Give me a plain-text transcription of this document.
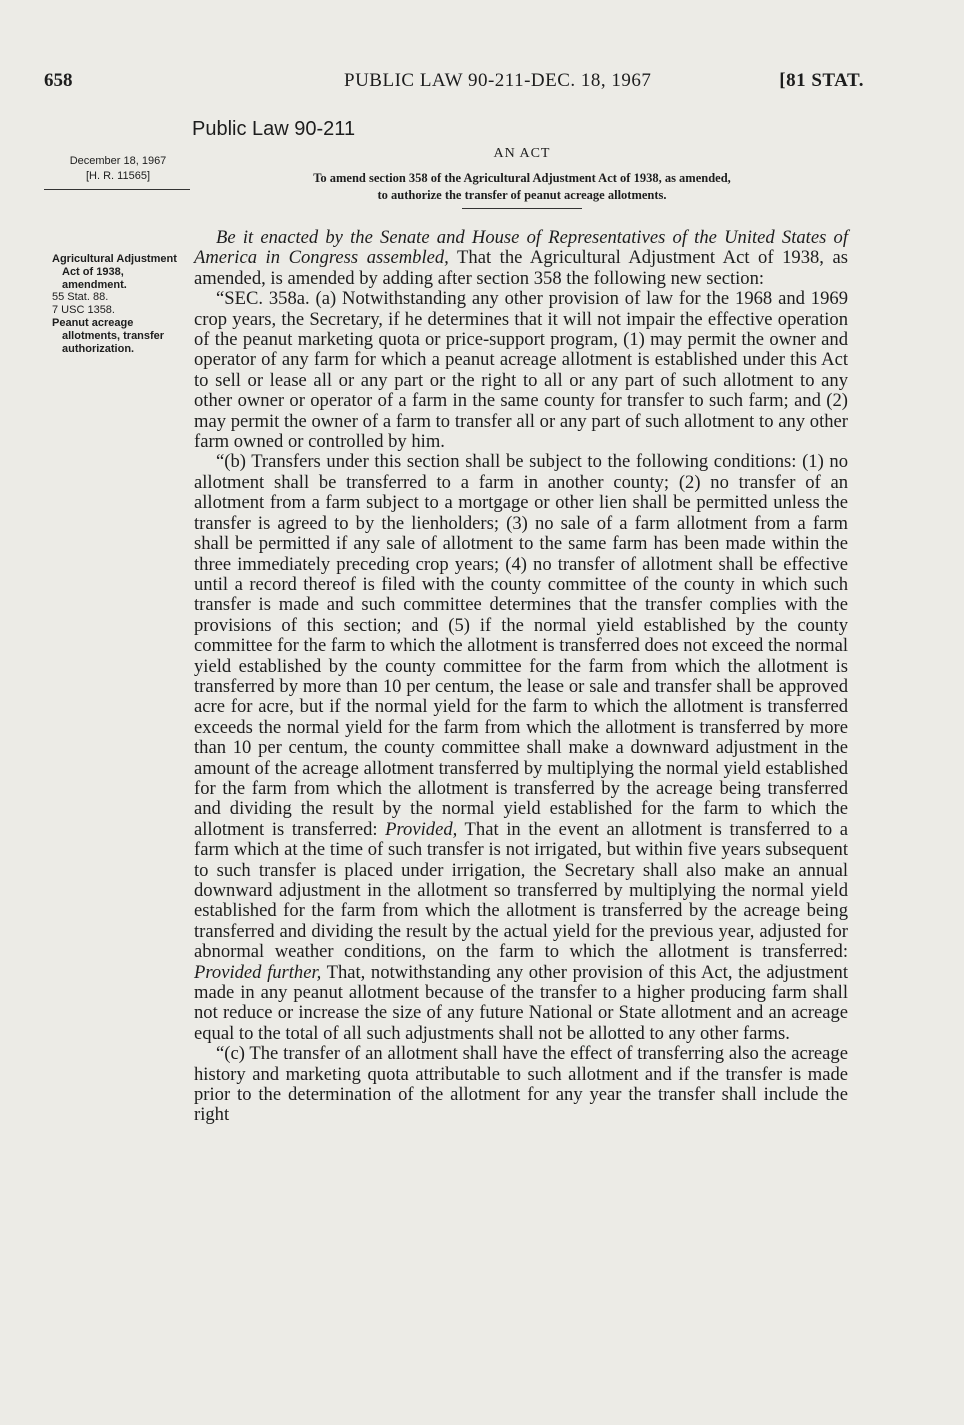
658	PUBLIC LAW 90-211-DEC. 18, 1967	[81 STAT.
Public Law 90-211
December 18, 1967
[H. R. 11565]
AN ACT
To amend section 358 of the Agricultural Adjustment Act of 1938, as amended,
to authorize the transfer of peanut acreage allotments.

Agricultural Adjustment Act of 1938, amendment.

55 Stat. 88.

7 USC 1358.

Peanut acreage allotments, transfer authorization.

Be it enacted by the Senate and House of Representatives of the United States of America in Congress assembled, That the Agricultural Adjustment Act of 1938, as amended, is amended by adding after section 358 the following new section:

“SEC. 358a. (a) Notwithstanding any other provision of law for the 1968 and 1969 crop years, the Secretary, if he determines that it will not impair the effective operation of the peanut marketing quota or price-support program, (1) may permit the owner and operator of any farm for which a peanut acreage allotment is established under this Act to sell or lease all or any part or the right to all or any part of such allotment to any other owner or operator of a farm in the same county for transfer to such farm; and (2) may permit the owner of a farm to transfer all or any part of such allotment to any other farm owned or controlled by him.

“(b) Transfers under this section shall be subject to the following conditions: (1) no allotment shall be transferred to a farm in another county; (2) no transfer of an allotment from a farm subject to a mortgage or other lien shall be permitted unless the transfer is agreed to by the lienholders; (3) no sale of a farm allotment from a farm shall be permitted if any sale of allotment to the same farm has been made within the three immediately preceding crop years; (4) no transfer of allotment shall be effective until a record thereof is filed with the county committee of the county in which such transfer is made and such committee determines that the transfer complies with the provisions of this section; and (5) if the normal yield established by the county committee for the farm to which the allotment is transferred does not exceed the normal yield established by the county committee for the farm from which the allotment is transferred by more than 10 per centum, the lease or sale and transfer shall be approved acre for acre, but if the normal yield for the farm to which the allotment is transferred exceeds the normal yield for the farm from which the allotment is transferred by more than 10 per centum, the county committee shall make a downward adjustment in the amount of the acreage allotment transferred by multiplying the normal yield established for the farm from which the allotment is transferred by the acreage being transferred and dividing the result by the normal yield established for the farm to which the allotment is transferred: Provided, That in the event an allotment is transferred to a farm which at the time of such transfer is not irrigated, but within five years subsequent to such transfer is placed under irrigation, the Secretary shall also make an annual downward adjustment in the allotment so transferred by multiplying the normal yield established for the farm from which the allotment is transferred by the acreage being transferred and dividing the result by the actual yield for the previous year, adjusted for abnormal weather conditions, on the farm to which the allotment is transferred: Provided further, That, notwithstanding any other provision of this Act, the adjustment made in any peanut allotment because of the transfer to a higher producing farm shall not reduce or increase the size of any future National or State allotment and an acreage equal to the total of all such adjustments shall not be allotted to any other farms.

“(c) The transfer of an allotment shall have the effect of transferring also the acreage history and marketing quota attributable to such allotment and if the transfer is made prior to the determination of the allotment for any year the transfer shall include the right
